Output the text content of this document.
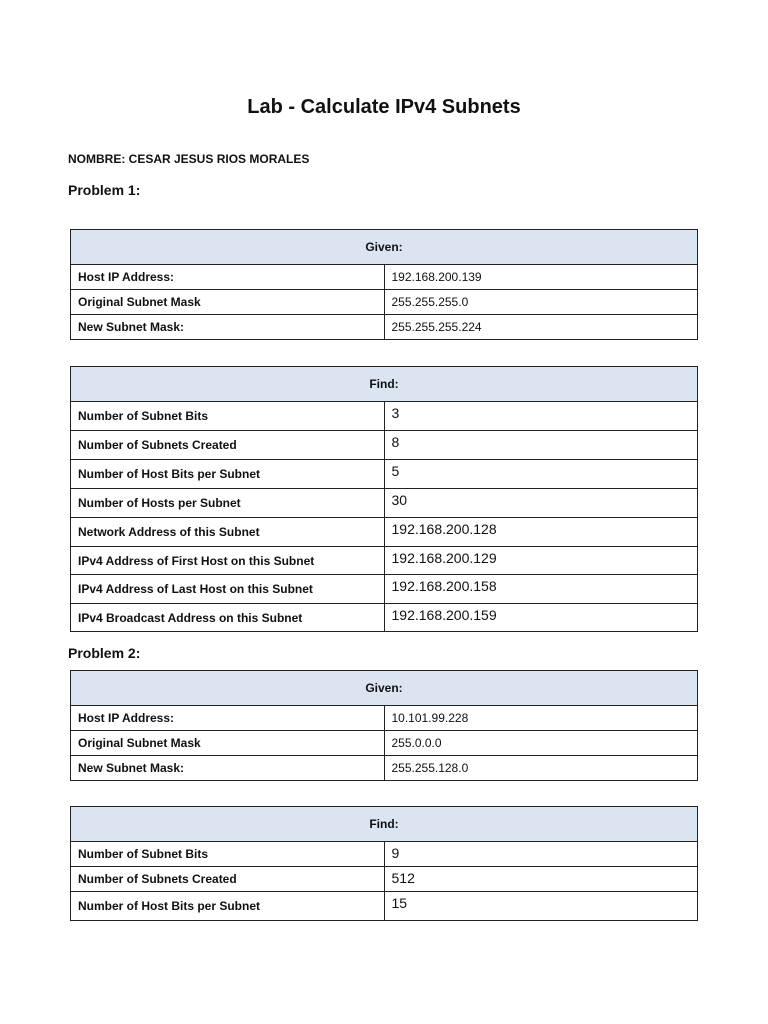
Lab - Calculate IPv4 Subnets
NOMBRE: CESAR JESUS RIOS MORALES
Problem 1:
Given:	
Host IP Address:	192.168.200.139
Original Subnet Mask	255.255.255.0
New Subnet Mask:	255.255.255.224
Find:	
Number of Subnet Bits	3
Number of Subnets Created	8
Number of Host Bits per Subnet	5
Number of Hosts per Subnet	30
Network Address of this Subnet	192.168.200.128
IPv4 Address of First Host on this Subnet	192.168.200.129
IPv4 Address of Last Host on this Subnet	192.168.200.158
IPv4 Broadcast Address on this Subnet	192.168.200.159
Problem 2:
Given:	
Host IP Address:	10.101.99.228
Original Subnet Mask	255.0.0.0
New Subnet Mask:	255.255.128.0
Find:	
Number of Subnet Bits	9
Number of Subnets Created	512
Number of Host Bits per Subnet	15
